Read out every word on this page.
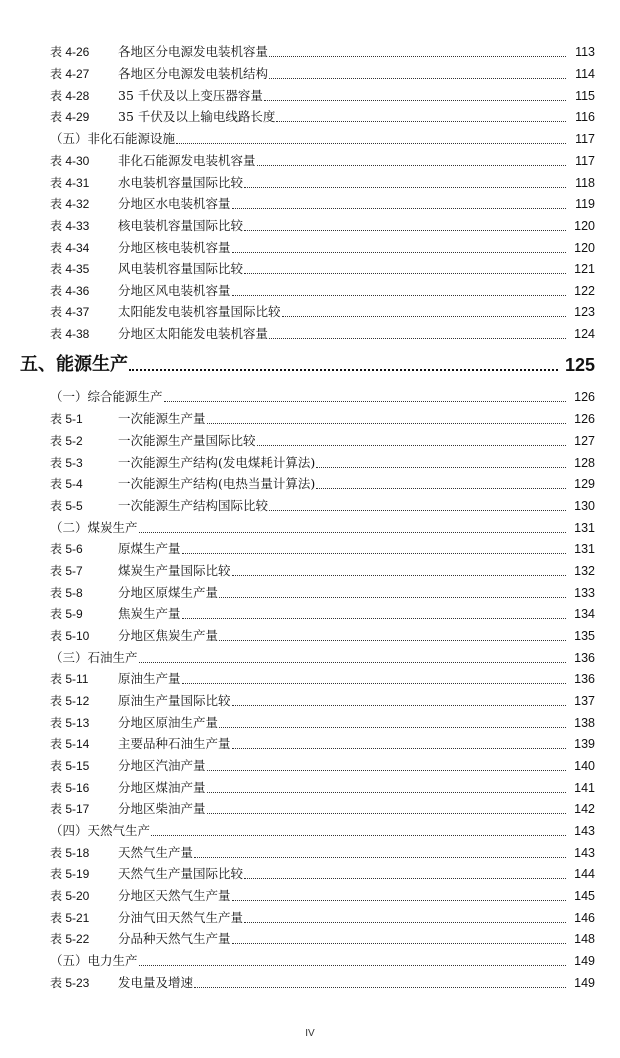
表 4-26	各地区分电源发电装机容量	113
表 4-27	各地区分电源发电装机结构	114
表 4-28	35 千伏及以上变压器容量	115
表 4-29	35 千伏及以上输电线路长度	116
（五）非化石能源设施	117
表 4-30	非化石能源发电装机容量	117
表 4-31	水电装机容量国际比较	118
表 4-32	分地区水电装机容量	119
表 4-33	核电装机容量国际比较	120
表 4-34	分地区核电装机容量	120
表 4-35	风电装机容量国际比较	121
表 4-36	分地区风电装机容量	122
表 4-37	太阳能发电装机容量国际比较	123
表 4-38	分地区太阳能发电装机容量	124
五、能源生产	125
（一）综合能源生产	126
表 5-1	一次能源生产量	126
表 5-2	一次能源生产量国际比较	127
表 5-3	一次能源生产结构(发电煤耗计算法)	128
表 5-4	一次能源生产结构(电热当量计算法)	129
表 5-5	一次能源生产结构国际比较	130
（二）煤炭生产	131
表 5-6	原煤生产量	131
表 5-7	煤炭生产量国际比较	132
表 5-8	分地区原煤生产量	133
表 5-9	焦炭生产量	134
表 5-10	分地区焦炭生产量	135
（三）石油生产	136
表 5-11	原油生产量	136
表 5-12	原油生产量国际比较	137
表 5-13	分地区原油生产量	138
表 5-14	主要品种石油生产量	139
表 5-15	分地区汽油产量	140
表 5-16	分地区煤油产量	141
表 5-17	分地区柴油产量	142
（四）天然气生产	143
表 5-18	天然气生产量	143
表 5-19	天然气生产量国际比较	144
表 5-20	分地区天然气生产量	145
表 5-21	分油气田天然气生产量	146
表 5-22	分品种天然气生产量	148
（五）电力生产	149
表 5-23	发电量及增速	149
IV
